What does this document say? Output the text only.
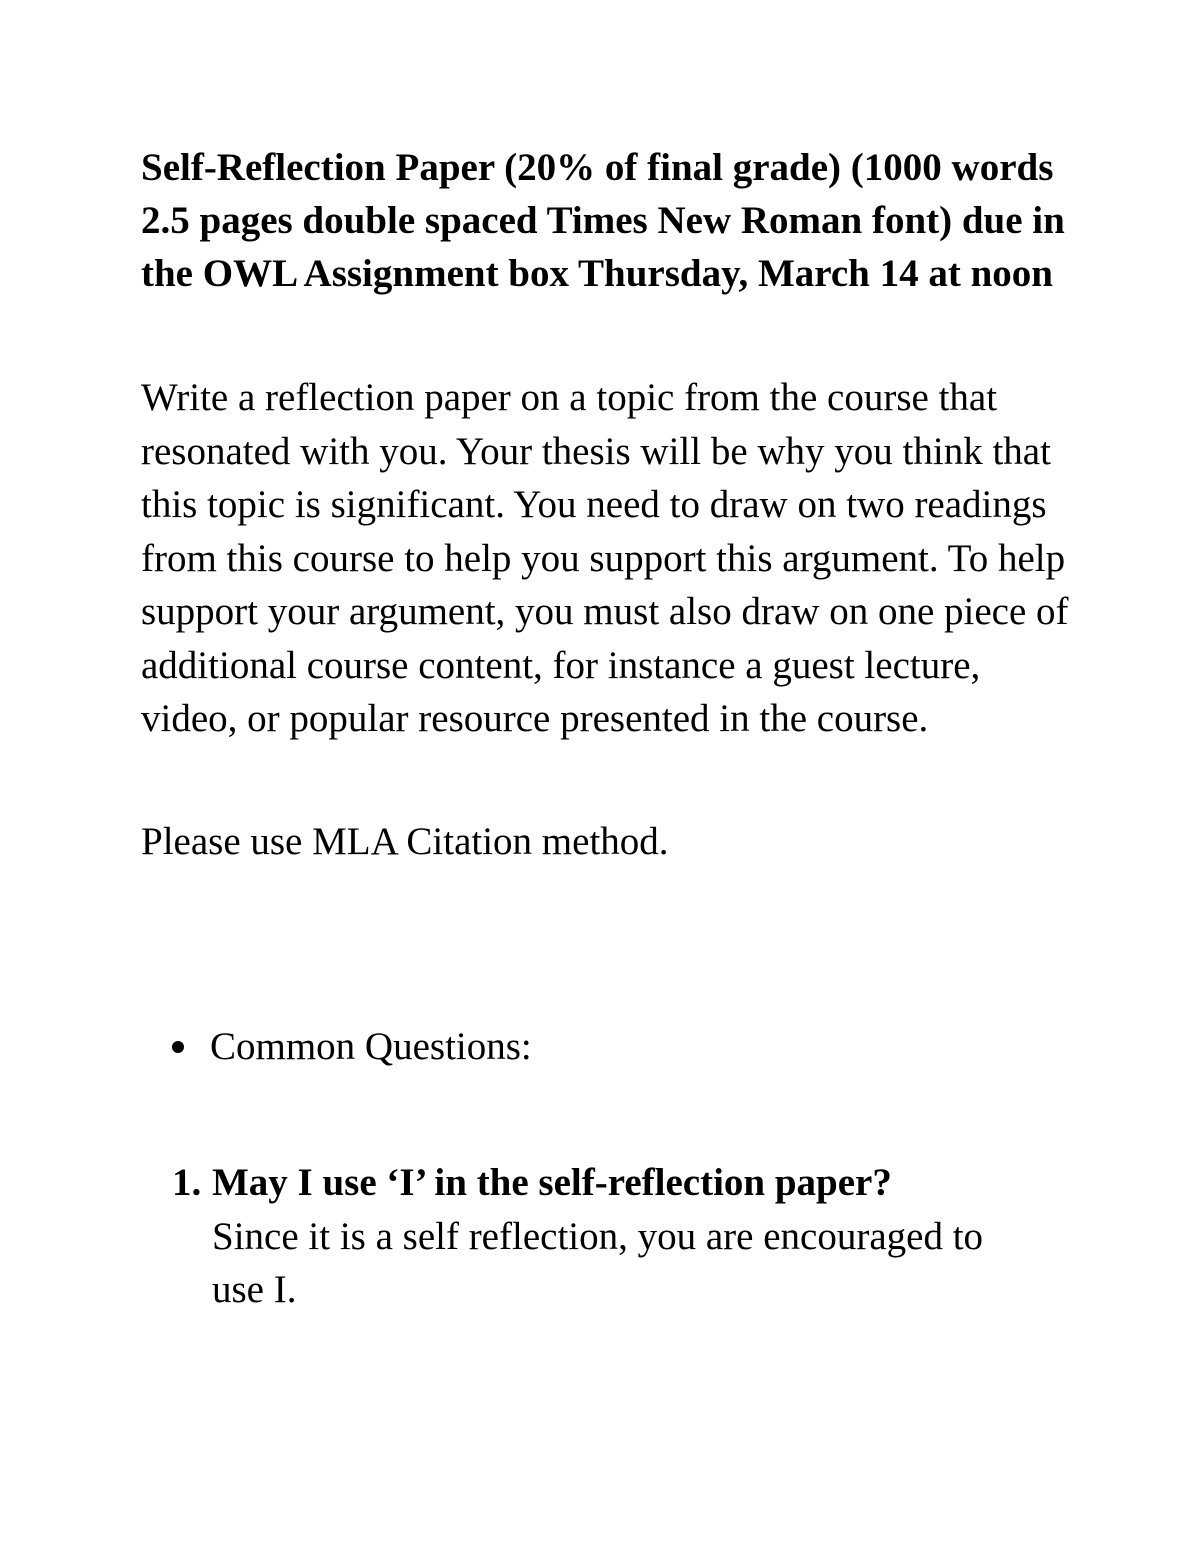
Self-Reflection Paper (20% of final grade) (1000 words 2.5 pages double spaced Times New Roman font) due in the OWL Assignment box Thursday, March 14 at noon

Write a reflection paper on a topic from the course that resonated with you. Your thesis will be why you think that this topic is significant. You need to draw on two readings from this course to help you support this argument. To help support your argument, you must also draw on one piece of additional course content, for instance a guest lecture, video, or popular resource presented in the course.

Please use MLA Citation method.

Common Questions:
1. May I use ‘I’ in the self-reflection paper?
Since it is a self reflection, you are encouraged to use I.
